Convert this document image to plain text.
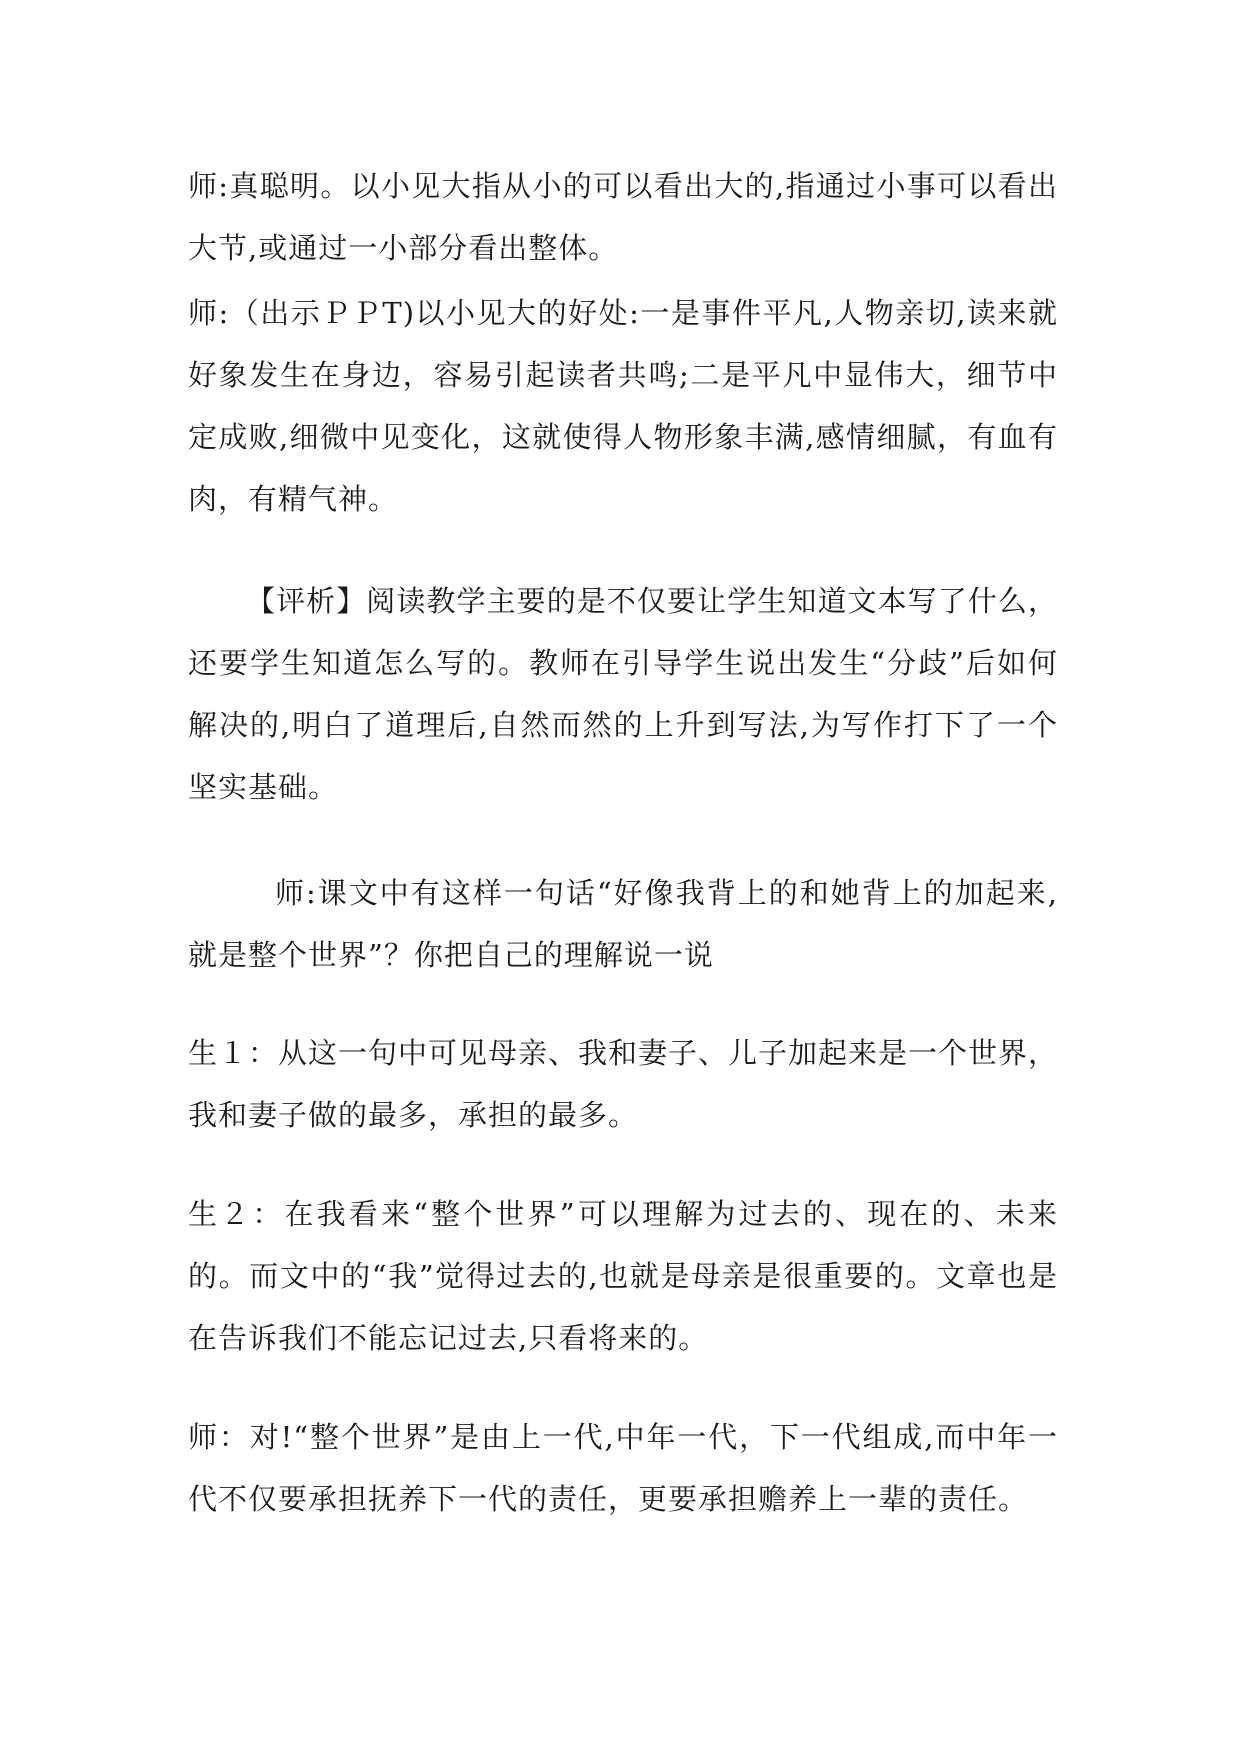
师:真聪明。以小见大指从小的可以看出大的,指通过小事可以看出大节,或通过一小部分看出整体。

师:（出示ＰＰT)以小见大的好处:一是事件平凡,人物亲切,读来就好象发生在身边，容易引起读者共鸣;二是平凡中显伟大，细节中定成败,细微中见变化，这就使得人物形象丰满,感情细腻，有血有肉，有精气神。

【评析】阅读教学主要的是不仅要让学生知道文本写了什么，还要学生知道怎么写的。教师在引导学生说出发生“分歧”后如何解决的,明白了道理后,自然而然的上升到写法,为写作打下了一个坚实基础。

师:课文中有这样一句话“好像我背上的和她背上的加起来,就是整个世界”？你把自己的理解说一说

生１：从这一句中可见母亲、我和妻子、儿子加起来是一个世界，我和妻子做的最多，承担的最多。

生２：在我看来“整个世界”可以理解为过去的、现在的、未来的。而文中的“我”觉得过去的,也就是母亲是很重要的。文章也是在告诉我们不能忘记过去,只看将来的。

师：对!“整个世界”是由上一代,中年一代，下一代组成,而中年一代不仅要承担抚养下一代的责任，更要承担赡养上一辈的责任。
